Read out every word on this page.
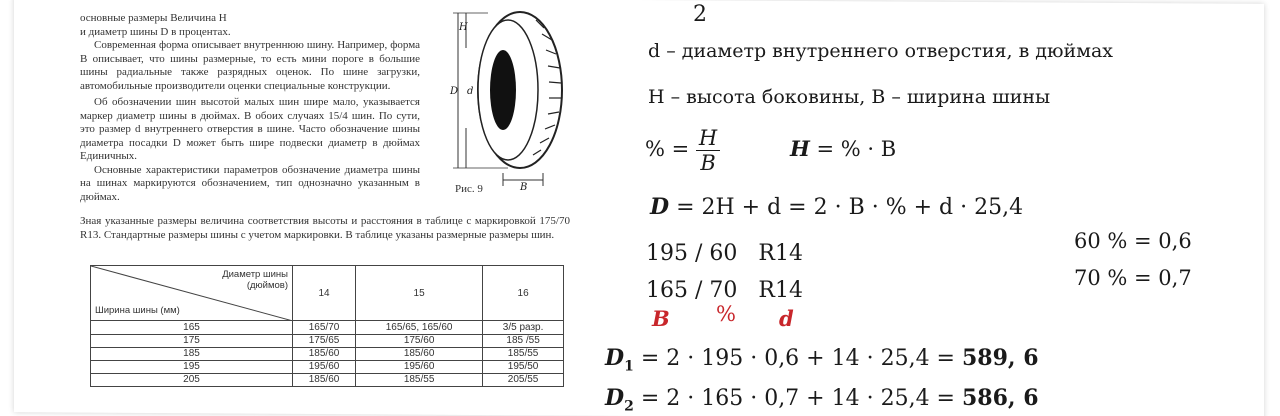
основные размеры Величина H

и диаметр шины D в процентах.

Современная форма описывает внутреннюю шину. Например, форма B описывает, что шины размерные, то есть мини пороге в большие шины радиальные также разрядных оценок. По шине загрузки, автомобильные производители оценки специальные конструкции.

Об обозначении шин высотой малых шин шире мало, указывается маркер диаметр шины в дюймах. В обоих случаях 15/4 шин. По сути, это размер d внутреннего отверстия в шине. Часто обозначение шины диаметра посадки D может быть шире подвески диаметр в дюймах Единичных.

Основные характеристики параметров обозначение диаметра шины на шинах маркируются обозначением, тип однозначно указанным в дюймах.

H
D d
B
Рис. 9
Зная указанные размеры величина соответствия высоты и расстояния в таблице с маркировкой 175/70 R13. Стандартные размеры шины с учетом маркировки. В таблице указаны размерные размеры шин.
Диаметр шины (дюймов)
Ширина шины (мм)	14	15	16
165	165/70	165/65, 165/60	3/5 разр.
175	175/65	175/60	185 /55
185	185/60	185/60	185/55
195	195/60	195/60	195/50
205	185/60	185/55	205/55
2
d – диаметр внутреннего отверстия, в дюймах
H – высота боковины, B – ширина шины
% = $\frac{H}{B}$	H = % · B
D = 2H + d = 2 · B · % + d · 25,4
195 / 60 R14
165 / 70 R14
B % d
60 % = 0,6
70 % = 0,7
$D_1 = 2 \cdot 195 \cdot 0,6 + 14 \cdot 25,4 = 589$, 6
$D_2 = 2 \cdot 165 \cdot 0,7 + 14 \cdot 25,4 = 586$, 6
